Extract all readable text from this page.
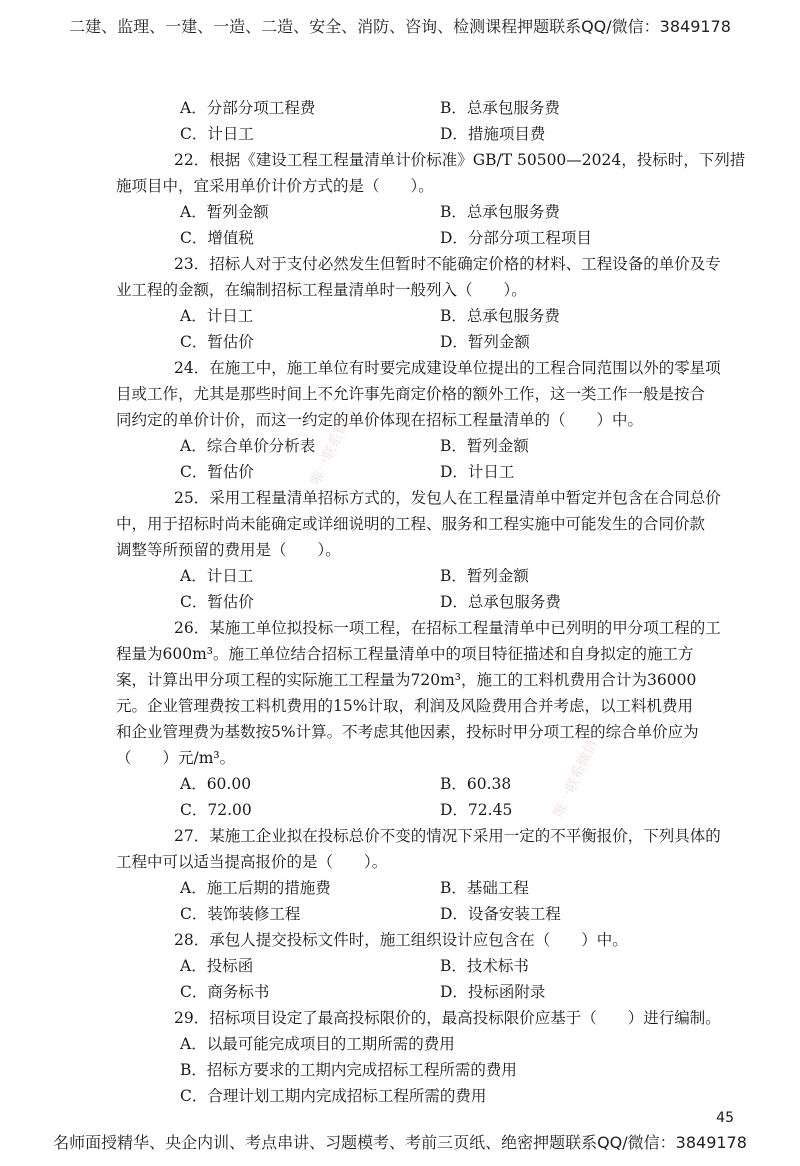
二建、监理、一建、一造、二造、安全、消防、咨询、检测课程押题联系QQ/微信：3849178
唯一联系微信
唯一联系微信
A．分部分项工程费	B．总承包服务费
C．计日工	D．措施项目费
22．根据《建设工程工程量清单计价标准》GB/T 50500—2024，投标时，下列措
施项目中，宜采用单价计价方式的是（　　）。
A．暂列金额	B．总承包服务费
C．增值税	D．分部分项工程项目
23．招标人对于支付必然发生但暂时不能确定价格的材料、工程设备的单价及专
业工程的金额，在编制招标工程量清单时一般列入（　　）。
A．计日工	B．总承包服务费
C．暂估价	D．暂列金额
24．在施工中，施工单位有时要完成建设单位提出的工程合同范围以外的零星项
目或工作，尤其是那些时间上不允许事先商定价格的额外工作，这一类工作一般是按合
同约定的单价计价，而这一约定的单价体现在招标工程量清单的（　　）中。
A．综合单价分析表	B．暂列金额
C．暂估价	D．计日工
25．采用工程量清单招标方式的，发包人在工程量清单中暂定并包含在合同总价
中，用于招标时尚未能确定或详细说明的工程、服务和工程实施中可能发生的合同价款
调整等所预留的费用是（　　）。
A．计日工	B．暂列金额
C．暂估价	D．总承包服务费
26．某施工单位拟投标一项工程，在招标工程量清单中已列明的甲分项工程的工
程量为600m³。施工单位结合招标工程量清单中的项目特征描述和自身拟定的施工方
案，计算出甲分项工程的实际施工工程量为720m³，施工的工料机费用合计为36000
元。企业管理费按工料机费用的15%计取，利润及风险费用合并考虑，以工料机费用
和企业管理费为基数按5%计算。不考虑其他因素，投标时甲分项工程的综合单价应为
（　　）元/m³。
A．60.00	B．60.38
C．72.00	D．72.45
27．某施工企业拟在投标总价不变的情况下采用一定的不平衡报价，下列具体的
工程中可以适当提高报价的是（　　）。
A．施工后期的措施费	B．基础工程
C．装饰装修工程	D．设备安装工程
28．承包人提交投标文件时，施工组织设计应包含在（　　）中。
A．投标函	B．技术标书
C．商务标书	D．投标函附录
29．招标项目设定了最高投标限价的，最高投标限价应基于（　　）进行编制。
A．以最可能完成项目的工期所需的费用
B．招标方要求的工期内完成招标工程所需的费用
C．合理计划工期内完成招标工程所需的费用
45
名师面授精华、央企内训、考点串讲、习题模考、考前三页纸、绝密押题联系QQ/微信：3849178
